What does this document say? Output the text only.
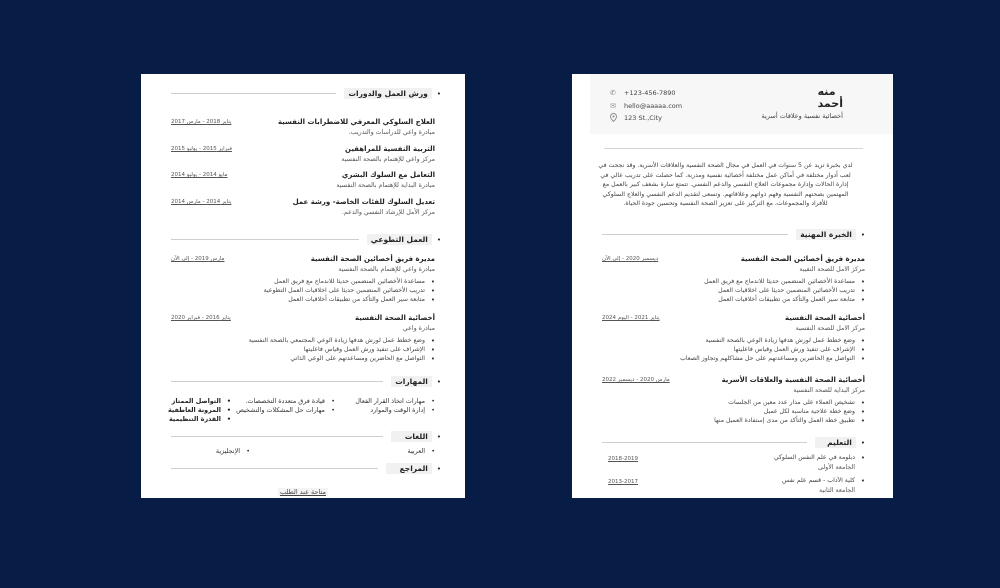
•
ورش العمل والدورات
العلاج السلوكي المعرفي للاضطرابات النفسية
مبادرة واعي للدراسات والتدريب.
يناير 2018 - مارس 2017
التربية النفسية للمراهقين
مركز واعي للإهتمام بالصحة النفسية
فبراير 2015 - يوليو 2015
التعامل مع السلوك البشري
مبادرة البداية للإهتمام بالصحة النفسية
مايو 2014 - يوليو 2014
تعديل السلوك للفئات الخاصة- ورشة عمل
مركز الأمل للإرشاد النفسي والدعم.
يناير 2014 - مارس 2014
•
العمل التطوعي
مديرة فريق أخصائين الصحة النفسية
مبادرة واعي للإهتمام بالصحة النفسية
مارس 2019 - إلى الآن
• مساعدة الأخصائين المنضمين حديثا للاندماج مع فريق العمل
• تدريب الأخصائين المنضمين حديثا على اخلاقيات العمل التطوعية
• متابعة سير العمل والتأكد من تطبيقات أخلاقيات العمل
أخصائية الصحة النفسية
مبادرة واعي
يناير 2016 - فبراير 2020
• وضع خطط عمل لورش هدفها زيادة الوعي المجتمعي بالصحة النفسية
• الإشراف على تنفيذ ورش العمل وقياس فاعليتها
• التواصل مع الحاضرين ومساعدتهم على الوعي الذاتي
•
المهارات
• مهارات اتخاذ القرار الفعال
• إدارة الوقت والموارد
• قيادة فرق متعددة التخصصات.
• مهارات حل المشكلات والتشخيص
• التواصل الممتاز
• المرونة العاطفية
• القدرة التنظيمية
•
اللغات
• العربية
• الإنجليزية
•
المراجع
متاحة عند الطلب
منه
أحمد
أخصائية نفسية وعلاقات أسرية
✆	+123-456-7890
✉	hello@aaaaa.com
123 St.,City
لدي بخبرة تزيد عن 5 سنوات في العمل في مجال الصحة النفسية والعلاقات الأسرية. وقد نجحت في لعب أدوار مختلفة في أماكن عمل مختلفة أخصائية نفسية ومدربة. كما حصلت على تدريب عالي في إدارة الحالات وإدارة مجموعات العلاج النفسي والدعم النفسي. تتمتع سارة بشغف كبير بالعمل مع المهتمين بصحتهم النفسية وفهم ذواتهم وعلاقاتهم. وتسعى لتقديم الدعم النفسي والعلاج السلوكي للأفراد والمجموعات، مع التركيز على تعزيز الصحة النفسية وتحسين جودة الحياة.
•
الخبرة المهنية
مديرة فريق أخصائين الصحة النفسية
مركز الامل للصحة النفيبة
ديسمبر 2020 - إلى الآن
• مساعدة الأخصائين المنضمين حديثا للاندماج مع فريق العمل
• تدريب الأخصائين المنضمين حديثا على اخلاقيات العمل
• متابعة سير العمل والتأكد من تطبيقات أخلاقيات العمل
أخصائية الصحة النفسية
مركز الامل للصحة النفسية
يناير 2021 - اليوم 2024
• وضع خطط عمل لورش هدفها زيادة الوعي بالصحة النفسية
• الإشراف على تنفيذ ورش العمل وقياس فاعليتها
• التواصل مع الحاضرين ومساعدتهم على حل مشاكلهم وتجاوز الصعاب
أخصائية الصحة النفسية والعلاقات الأسرية
مركز البداية للصحة النفسية
مارس 2020 - ديسمبر 2022
• تشخيص العملاء على مدار عدد معين من الجلسات
• وضع خطة علاجية مناسبة لكل عميل
• تطبيق خطة العمل والتأكد من مدى إستفادة العميل منها
•
التعليم
• دبلومة في علم النفس السلوكي
الجامعة الأولى
2018-2019
• كلية الآداب - قسم علم نفس
الجامعة الثانية
2013-2017
